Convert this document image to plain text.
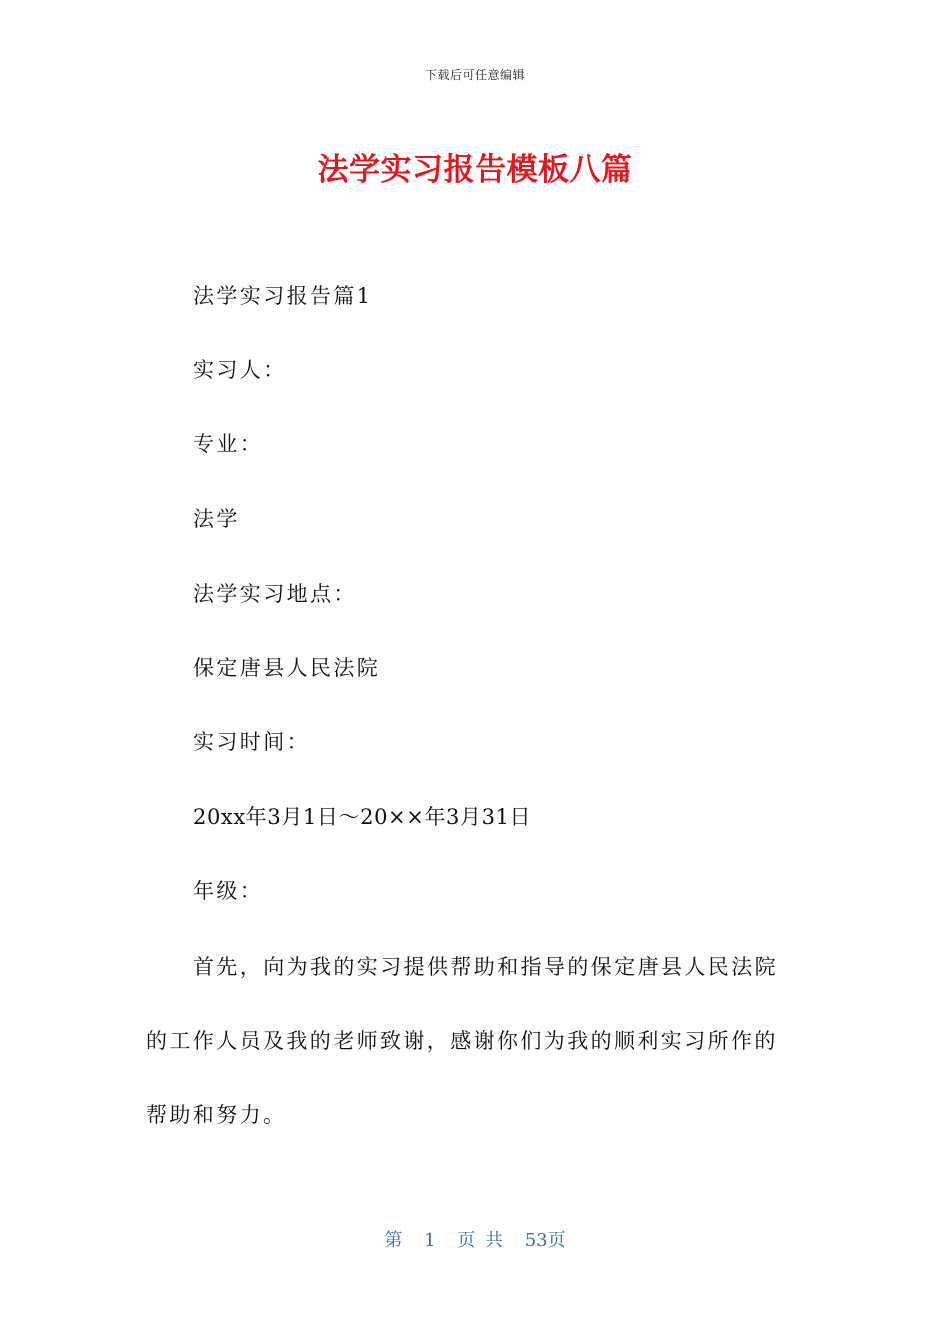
下载后可任意编辑
法学实习报告模板八篇
法学实习报告篇1
实习人：
专业：
法学
法学实习地点：
保定唐县人民法院
实习时间：
20xx年3月1日～20××年3月31日
年级：
首先，向为我的实习提供帮助和指导的保定唐县人民法院
的工作人员及我的老师致谢，感谢你们为我的顺利实习所作的
帮助和努力。
第 1 页 共 53页
